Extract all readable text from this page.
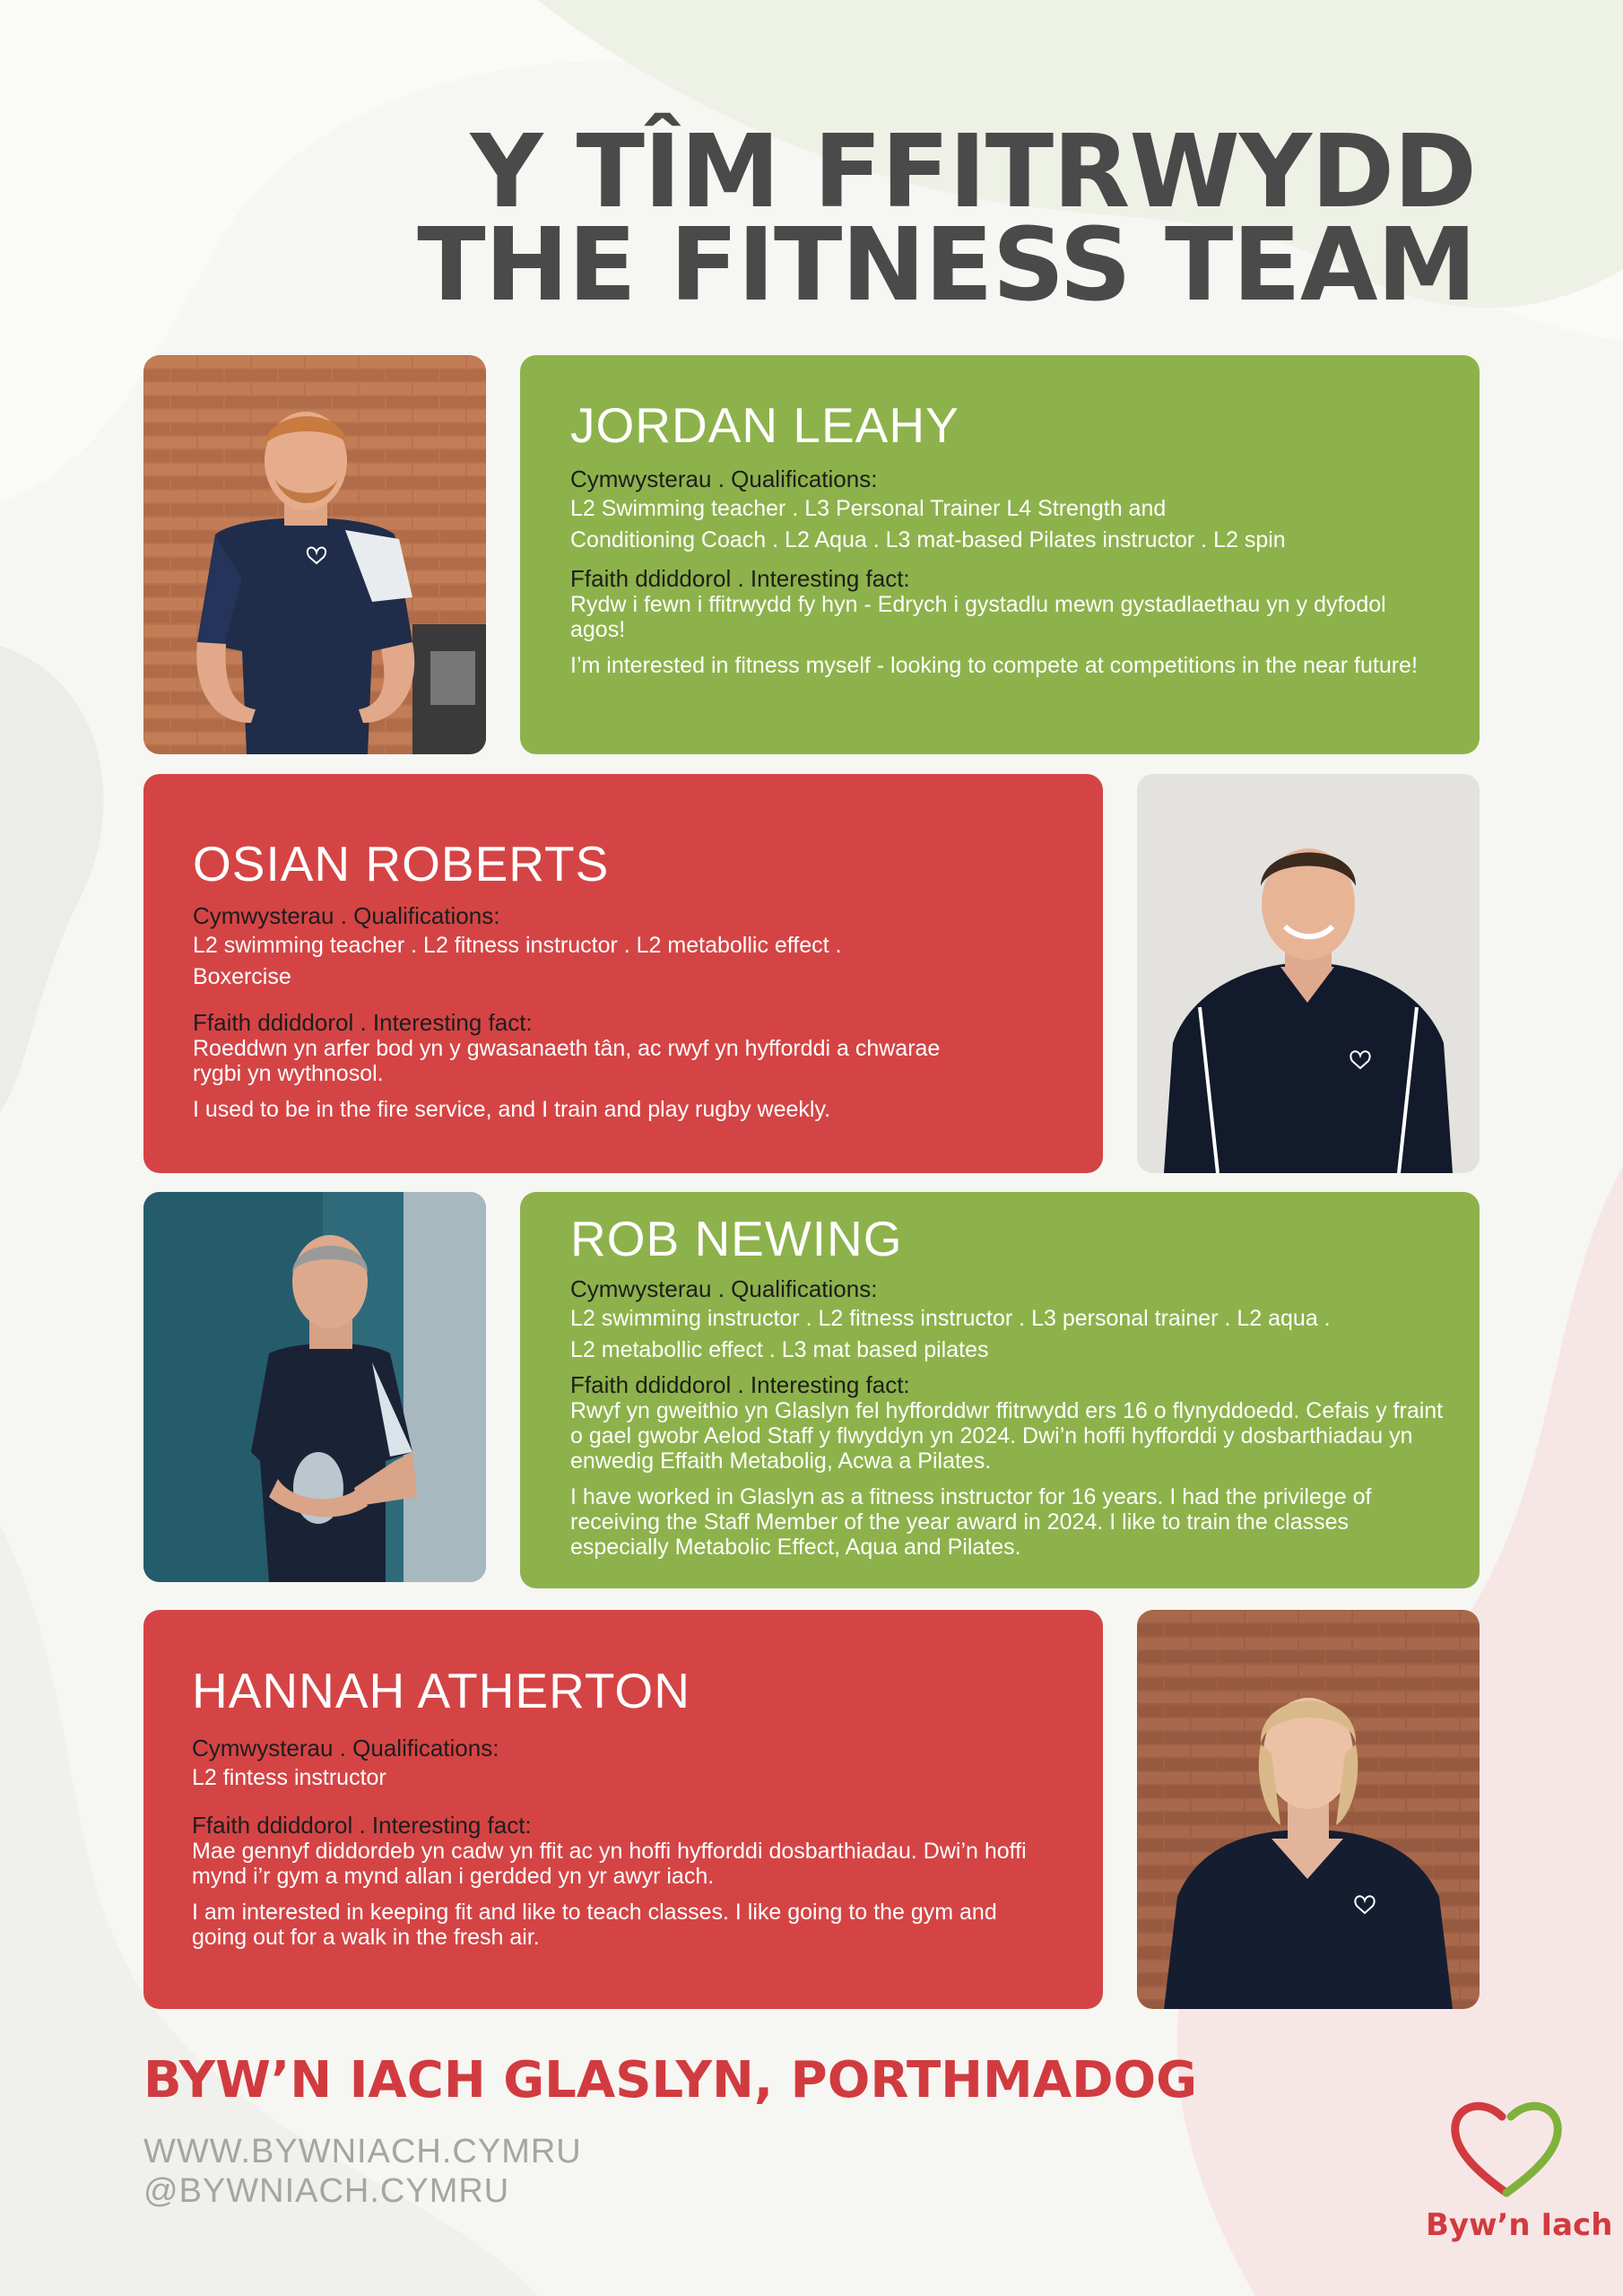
Y TÎM FFITRWYDD
THE FITNESS TEAM
JORDAN LEAHY
Cymwysterau . Qualifications:
L2 Swimming teacher . L3 Personal Trainer L4 Strength and
Conditioning Coach . L2 Aqua . L3 mat-based Pilates instructor . L2 spin
Ffaith ddiddorol . Interesting fact:
Rydw i fewn i ffitrwydd fy hyn - Edrych i gystadlu mewn gystadlaethau yn y dyfodol agos!
I’m interested in fitness myself - looking to compete at competitions in the near future!
OSIAN ROBERTS
Cymwysterau . Qualifications:
L2 swimming teacher . L2 fitness instructor . L2 metabollic effect .
Boxercise
Ffaith ddiddorol . Interesting fact:
Roeddwn yn arfer bod yn y gwasanaeth tân, ac rwyf yn hyfforddi a chwarae rygbi yn wythnosol.
I used to be in the fire service, and I train and play rugby weekly.
ROB NEWING
Cymwysterau . Qualifications:
L2 swimming instructor . L2 fitness instructor . L3 personal trainer . L2 aqua .
L2 metabollic effect . L3 mat based pilates
Ffaith ddiddorol . Interesting fact:
Rwyf yn gweithio yn Glaslyn fel hyfforddwr ffitrwydd ers 16 o flynyddoedd. Cefais y fraint o gael gwobr Aelod Staff y flwyddyn yn 2024. Dwi’n hoffi hyfforddi y dosbarthiadau yn enwedig Effaith Metabolig, Acwa a Pilates.
I have worked in Glaslyn as a fitness instructor for 16 years. I had the privilege of receiving the Staff Member of the year award in 2024. I like to train the classes especially Metabolic Effect, Aqua and Pilates.
HANNAH ATHERTON
Cymwysterau . Qualifications:
L2 fintess instructor
Ffaith ddiddorol . Interesting fact:
Mae gennyf diddordeb yn cadw yn ffit ac yn hoffi hyfforddi dosbarthiadau. Dwi’n hoffi mynd i’r gym a mynd allan i gerdded yn yr awyr iach.
I am interested in keeping fit and like to teach classes. I like going to the gym and going out for a walk in the fresh air.
BYW’N IACH GLASLYN, PORTHMADOG
WWW.BYWNIACH.CYMRU
@BYWNIACH.CYMRU
Byw’n Iach
